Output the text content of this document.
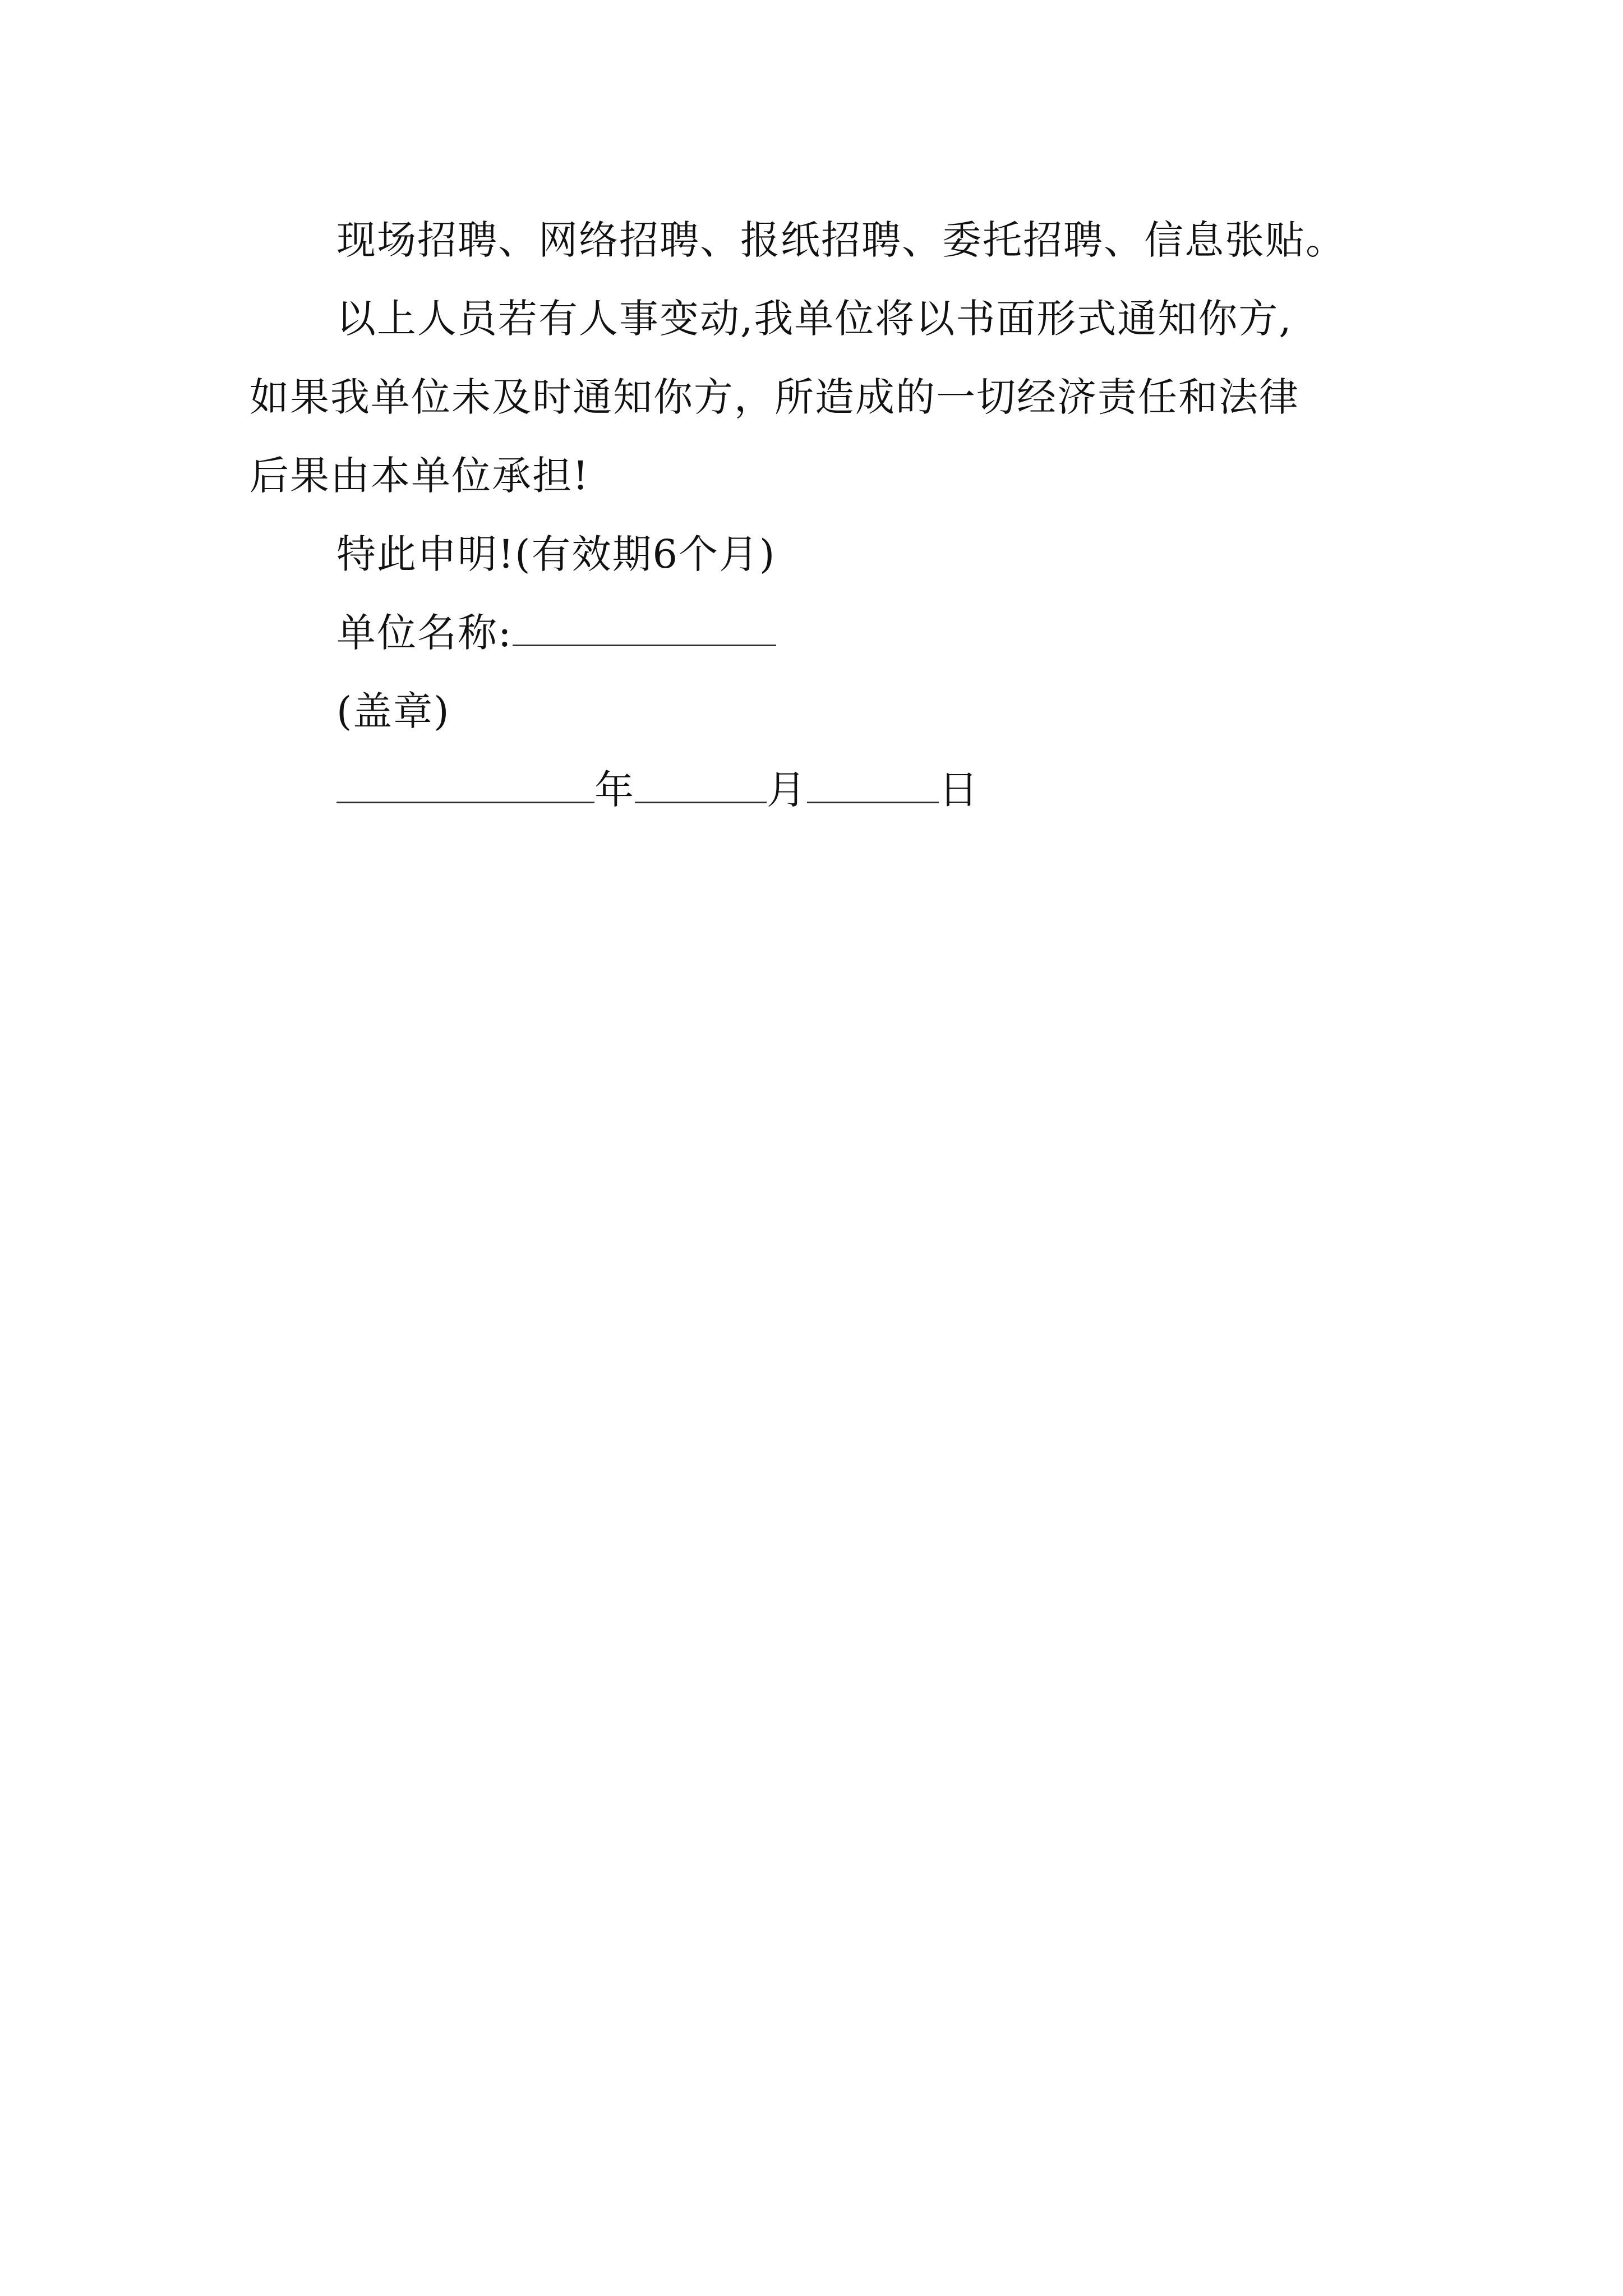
现场招聘、网络招聘、报纸招聘、委托招聘、信息张贴。
以上人员若有人事变动,我单位将以书面形式通知你方,
如果我单位未及时通知你方，所造成的一切经济责任和法律
后果由本单位承担!
特此申明!(有效期6个月)
单位名称:
(盖章)
年	月	日
